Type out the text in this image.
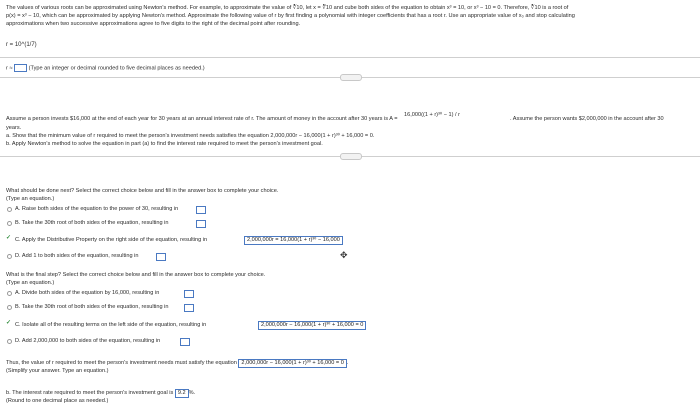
The values of various roots can be approximated using Newton's method. For example, to approximate the value of ∛10, let x = ∛10 and cube both sides of the equation to obtain x³ = 10, or x³ − 10 = 0. Therefore, ∛10 is a root of
p(x) = x³ − 10, which can be approximated by applying Newton's method. Approximate the following value of r by first finding a polynomial with integer coefficients that has a root r. Use an appropriate value of x₀ and stop calculating
approximations when two successive approximations agree to five digits to the right of the decimal point after rounding.
r = 10^(1/7)
r ≈	(Type an integer or decimal rounded to five decimal places as needed.)
Assume a person invests $16,000 at the end of each year for 30 years at an annual interest rate of r. The amount of money in the account after 30 years is A =
16,000((1 + r)³⁰ − 1) / r
. Assume the person wants $2,000,000 in the account after 30
years.
a. Show that the minimum value of r required to meet the person's investment needs satisfies the equation 2,000,000r − 16,000(1 + r)³⁰ + 16,000 = 0.
b. Apply Newton's method to solve the equation in part (a) to find the interest rate required to meet the person's investment goal.
What should be done next? Select the correct choice below and fill in the answer box to complete your choice.
(Type an equation.)
A. Raise both sides of the equation to the power of 30, resulting in
B. Take the 30th root of both sides of the equation, resulting in
✓ C. Apply the Distributive Property on the right side of the equation, resulting in	2,000,000r = 16,000(1 + r)³⁰ − 16,000
D. Add 1 to both sides of the equation, resulting in	✥
What is the final step? Select the correct choice below and fill in the answer box to complete your choice.
(Type an equation.)
A. Divide both sides of the equation by 16,000, resulting in
B. Take the 30th root of both sides of the equation, resulting in
✓ C. Isolate all of the resulting terms on the left side of the equation, resulting in	2,000,000r − 16,000(1 + r)³⁰ + 16,000 = 0
D. Add 2,000,000 to both sides of the equation, resulting in
Thus, the value of r required to meet the person's investment needs must satisfy the equation 2,000,000r − 16,000(1 + r)³⁰ + 16,000 = 0 .
(Simplify your answer. Type an equation.)
b. The interest rate required to meet the person's investment goal is 9.2 %.
(Round to one decimal place as needed.)
